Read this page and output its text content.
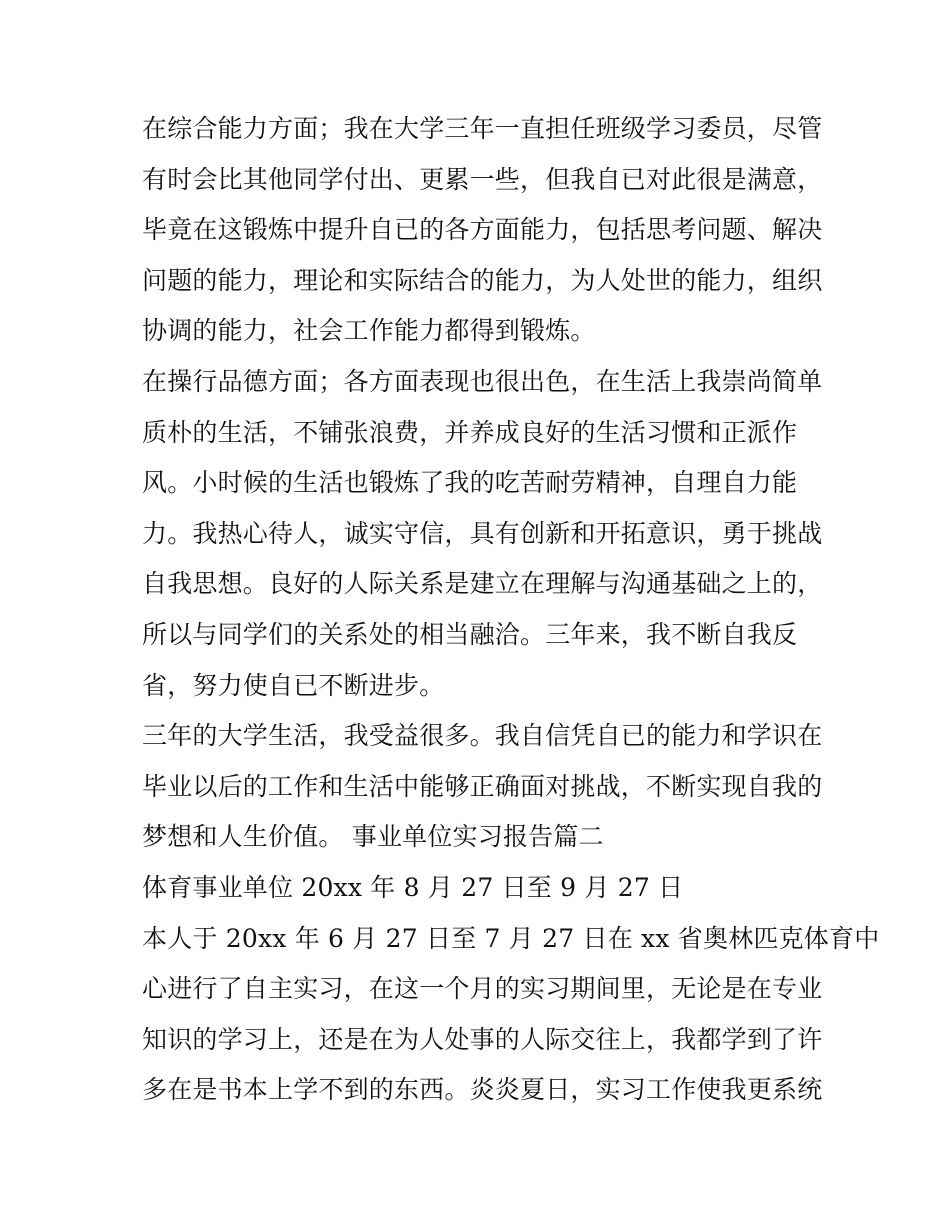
在综合能力方面；我在大学三年一直担任班级学习委员，尽管
有时会比其他同学付出、更累一些，但我自已对此很是满意，
毕竟在这锻炼中提升自已的各方面能力，包括思考问题、解决
问题的能力，理论和实际结合的能力，为人处世的能力，组织
协调的能力，社会工作能力都得到锻炼。
在操行品德方面；各方面表现也很出色，在生活上我崇尚简单
质朴的生活，不铺张浪费，并养成良好的生活习惯和正派作
风。小时候的生活也锻炼了我的吃苦耐劳精神，自理自力能
力。我热心待人，诚实守信，具有创新和开拓意识，勇于挑战
自我思想。良好的人际关系是建立在理解与沟通基础之上的，
所以与同学们的关系处的相当融洽。三年来，我不断自我反
省，努力使自已不断进步。
三年的大学生活，我受益很多。我自信凭自已的能力和学识在
毕业以后的工作和生活中能够正确面对挑战，不断实现自我的
梦想和人生价值。 事业单位实习报告篇二
体育事业单位 20xx 年 8 月 27 日至 9 月 27 日
本人于 20xx 年 6 月 27 日至 7 月 27 日在 xx 省奥林匹克体育中
心进行了自主实习，在这一个月的实习期间里，无论是在专业
知识的学习上，还是在为人处事的人际交往上，我都学到了许
多在是书本上学不到的东西。炎炎夏日，实习工作使我更系统
